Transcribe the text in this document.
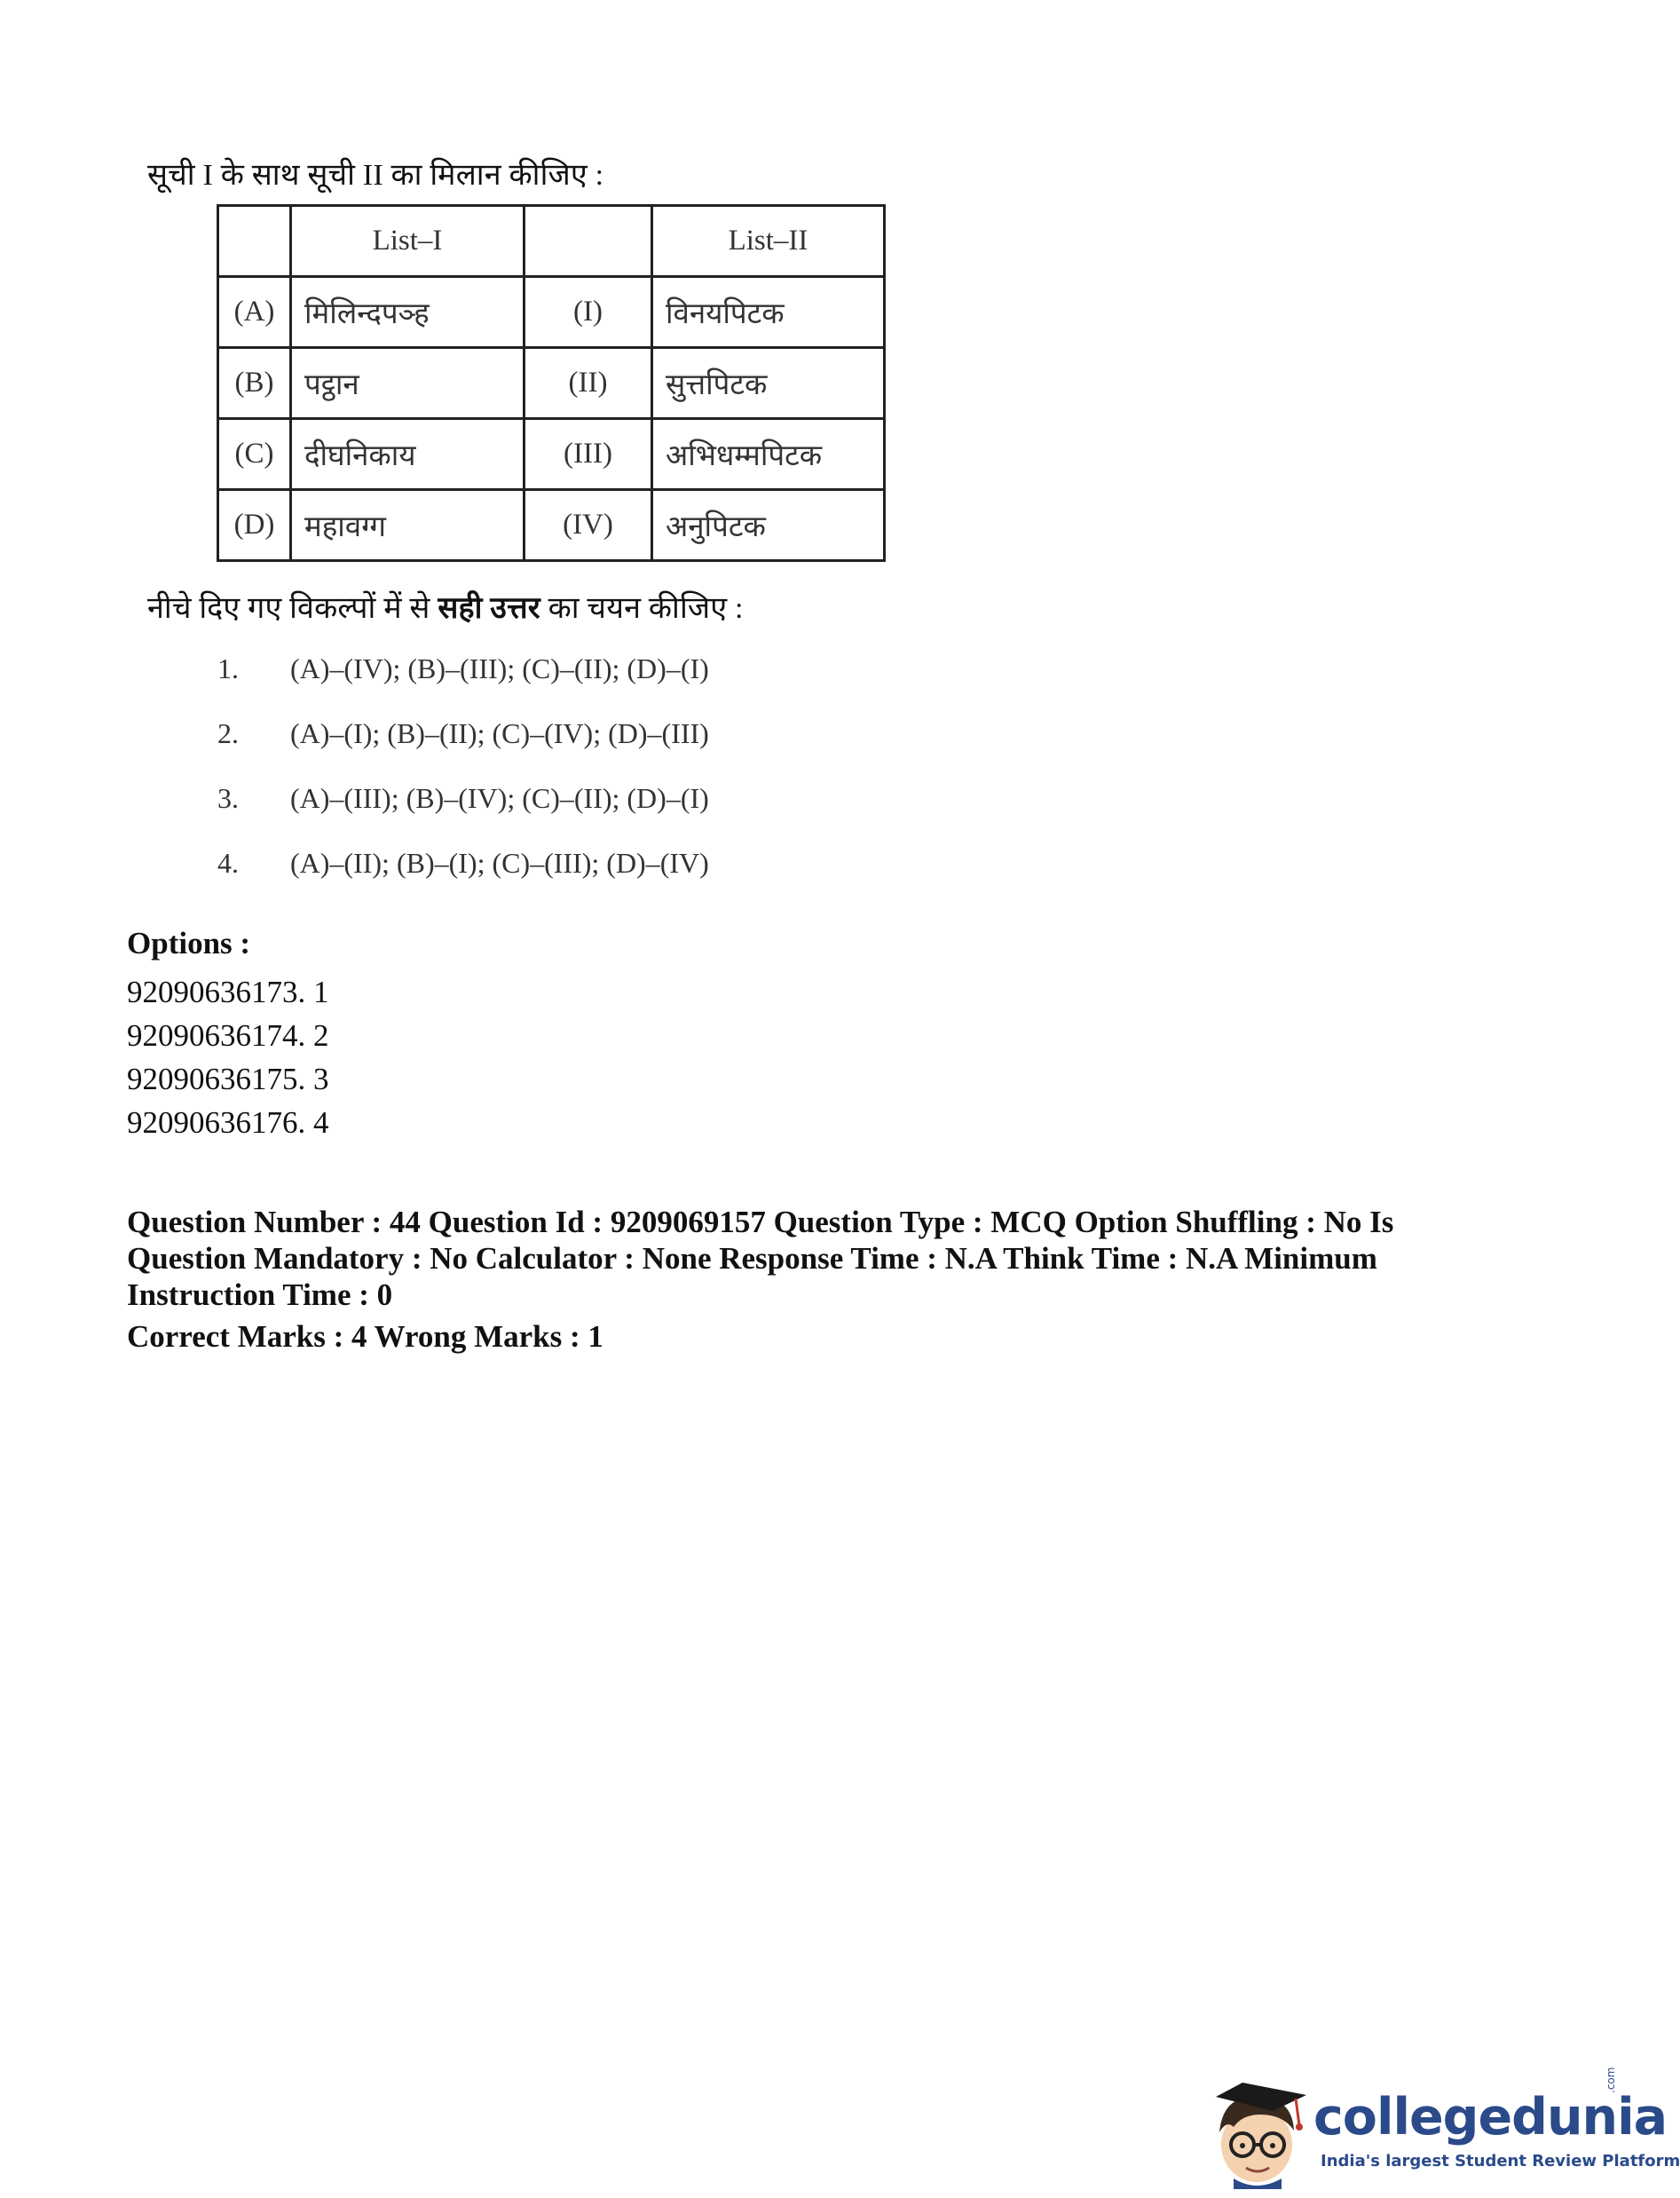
सूची I के साथ सूची II का मिलान कीजिए :
	List–I		List–II
(A)	मिलिन्दपञ्ह	(I)	विनयपिटक
(B)	पट्ठान	(II)	सुत्तपिटक
(C)	दीघनिकाय	(III)	अभिधम्मपिटक
(D)	महावग्ग	(IV)	अनुपिटक
नीचे दिए गए विकल्पों में से सही उत्तर का चयन कीजिए :
1. (A)–(IV); (B)–(III); (C)–(II); (D)–(I)
2. (A)–(I); (B)–(II); (C)–(IV); (D)–(III)
3. (A)–(III); (B)–(IV); (C)–(II); (D)–(I)
4. (A)–(II); (B)–(I); (C)–(III); (D)–(IV)
Options :
92090636173. 1
92090636174. 2
92090636175. 3
92090636176. 4
Question Number : 44 Question Id : 9209069157 Question Type : MCQ Option Shuffling : No Is Question Mandatory : No Calculator : None Response Time : N.A Think Time : N.A Minimum Instruction Time : 0
Correct Marks : 4 Wrong Marks : 1
collegedunia
.com
India's largest Student Review Platform
